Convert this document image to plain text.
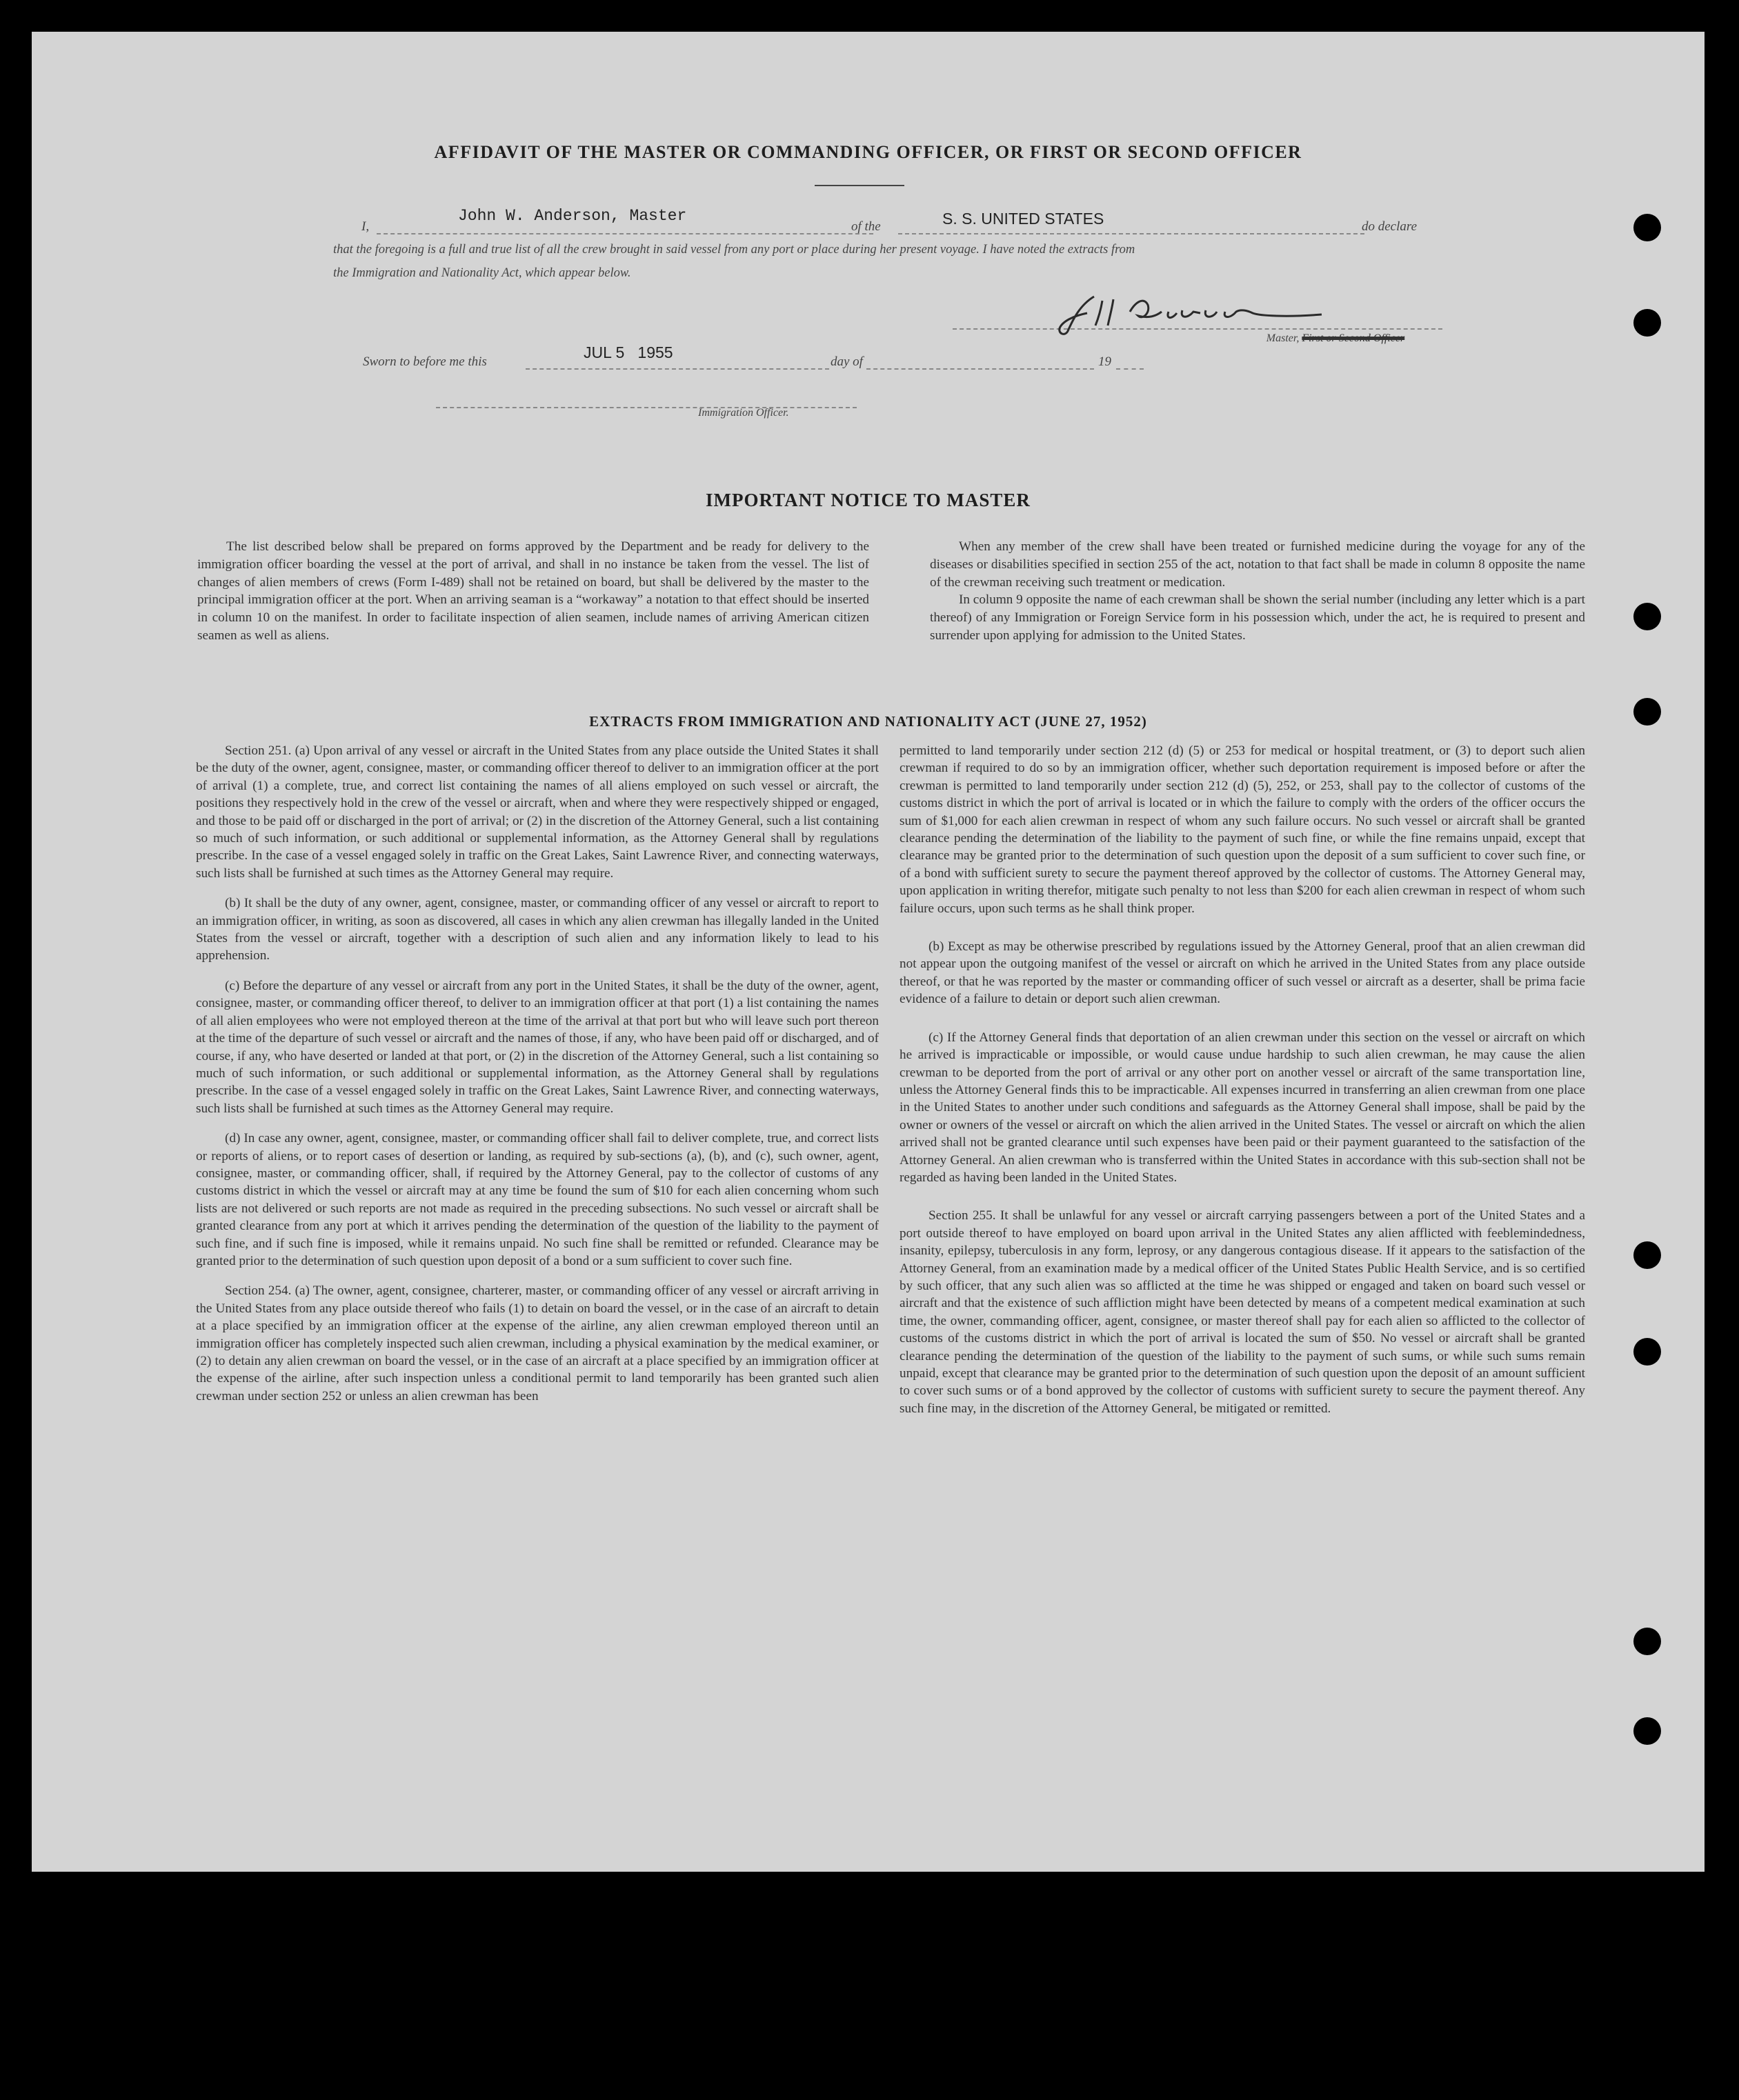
AFFIDAVIT OF THE MASTER OR COMMANDING OFFICER, OR FIRST OR SECOND OFFICER
I,
John W. Anderson, Master
of the	S. S. UNITED STATES	do declare
that the foregoing is a full and true list of all the crew brought in said vessel from any port or place during her present voyage. I have noted the extracts from
the Immigration and Nationality Act, which appear below.
Master, First or Second Officer
Sworn to before me this
JUL 5   1955
day of	19
Immigration Officer.
IMPORTANT NOTICE TO MASTER

The list described below shall be prepared on forms approved by the Department and be ready for delivery to the immigration officer boarding the vessel at the port of arrival, and shall in no instance be taken from the vessel. The list of changes of alien members of crews (Form I-489) shall not be retained on board, but shall be delivered by the master to the principal immigration officer at the port. When an arriving seaman is a “workaway” a notation to that effect should be inserted in column 10 on the manifest. In order to facilitate inspection of alien seamen, include names of arriving American citizen seamen as well as aliens.

When any member of the crew shall have been treated or furnished medicine during the voyage for any of the diseases or disabilities specified in section 255 of the act, notation to that fact shall be made in column 8 opposite the name of the crewman receiving such treatment or medication.

In column 9 opposite the name of each crewman shall be shown the serial number (including any letter which is a part thereof) of any Immigration or Foreign Service form in his possession which, under the act, he is required to present and surrender upon applying for admission to the United States.

EXTRACTS FROM IMMIGRATION AND NATIONALITY ACT (JUNE 27, 1952)

Section 251. (a) Upon arrival of any vessel or aircraft in the United States from any place outside the United States it shall be the duty of the owner, agent, consignee, master, or commanding officer thereof to deliver to an immigration officer at the port of arrival (1) a complete, true, and correct list containing the names of all aliens employed on such vessel or aircraft, the positions they respectively hold in the crew of the vessel or aircraft, when and where they were respectively shipped or engaged, and those to be paid off or discharged in the port of arrival; or (2) in the discretion of the Attorney General, such a list containing so much of such information, or such additional or supplemental information, as the Attorney General shall by regulations prescribe. In the case of a vessel engaged solely in traffic on the Great Lakes, Saint Lawrence River, and connecting waterways, such lists shall be furnished at such times as the Attorney General may require.

(b) It shall be the duty of any owner, agent, consignee, master, or commanding officer of any vessel or aircraft to report to an immigration officer, in writing, as soon as discovered, all cases in which any alien crewman has illegally landed in the United States from the vessel or aircraft, together with a description of such alien and any information likely to lead to his apprehension.

(c) Before the departure of any vessel or aircraft from any port in the United States, it shall be the duty of the owner, agent, consignee, master, or commanding officer thereof, to deliver to an immigration officer at that port (1) a list containing the names of all alien employees who were not employed thereon at the time of the arrival at that port but who will leave such port thereon at the time of the departure of such vessel or aircraft and the names of those, if any, who have been paid off or discharged, and of course, if any, who have deserted or landed at that port, or (2) in the discretion of the Attorney General, such a list containing so much of such information, or such additional or supplemental information, as the Attorney General shall by regulations prescribe. In the case of a vessel engaged solely in traffic on the Great Lakes, Saint Lawrence River, and connecting waterways, such lists shall be furnished at such times as the Attorney General may require.

(d) In case any owner, agent, consignee, master, or commanding officer shall fail to deliver complete, true, and correct lists or reports of aliens, or to report cases of desertion or landing, as required by sub-sections (a), (b), and (c), such owner, agent, consignee, master, or commanding officer, shall, if required by the Attorney General, pay to the collector of customs of any customs district in which the vessel or aircraft may at any time be found the sum of $10 for each alien concerning whom such lists are not delivered or such reports are not made as required in the preceding subsections. No such vessel or aircraft shall be granted clearance from any port at which it arrives pending the determination of the question of the liability to the payment of such fine, and if such fine is imposed, while it remains unpaid. No such fine shall be remitted or refunded. Clearance may be granted prior to the determination of such question upon deposit of a bond or a sum sufficient to cover such fine.

Section 254. (a) The owner, agent, consignee, charterer, master, or commanding officer of any vessel or aircraft arriving in the United States from any place outside thereof who fails (1) to detain on board the vessel, or in the case of an aircraft to detain at a place specified by an immigration officer at the expense of the airline, any alien crewman employed thereon until an immigration officer has completely inspected such alien crewman, including a physical examination by the medical examiner, or (2) to detain any alien crewman on board the vessel, or in the case of an aircraft at a place specified by an immigration officer at the expense of the airline, after such inspection unless a conditional permit to land temporarily has been granted such alien crewman under section 252 or unless an alien crewman has been

permitted to land temporarily under section 212 (d) (5) or 253 for medical or hospital treatment, or (3) to deport such alien crewman if required to do so by an immigration officer, whether such deportation requirement is imposed before or after the crewman is permitted to land temporarily under section 212 (d) (5), 252, or 253, shall pay to the collector of customs of the customs district in which the port of arrival is located or in which the failure to comply with the orders of the officer occurs the sum of $1,000 for each alien crewman in respect of whom any such failure occurs. No such vessel or aircraft shall be granted clearance pending the determination of the liability to the payment of such fine, or while the fine remains unpaid, except that clearance may be granted prior to the determination of such question upon the deposit of a sum sufficient to cover such fine, or of a bond with sufficient surety to secure the payment thereof approved by the collector of customs. The Attorney General may, upon application in writing therefor, mitigate such penalty to not less than $200 for each alien crewman in respect of whom such failure occurs, upon such terms as he shall think proper.

(b) Except as may be otherwise prescribed by regulations issued by the Attorney General, proof that an alien crewman did not appear upon the outgoing manifest of the vessel or aircraft on which he arrived in the United States from any place outside thereof, or that he was reported by the master or commanding officer of such vessel or aircraft as a deserter, shall be prima facie evidence of a failure to detain or deport such alien crewman.

(c) If the Attorney General finds that deportation of an alien crewman under this section on the vessel or aircraft on which he arrived is impracticable or impossible, or would cause undue hardship to such alien crewman, he may cause the alien crewman to be deported from the port of arrival or any other port on another vessel or aircraft of the same transportation line, unless the Attorney General finds this to be impracticable. All expenses incurred in transferring an alien crewman from one place in the United States to another under such conditions and safeguards as the Attorney General shall impose, shall be paid by the owner or owners of the vessel or aircraft on which the alien arrived in the United States. The vessel or aircraft on which the alien arrived shall not be granted clearance until such expenses have been paid or their payment guaranteed to the satisfaction of the Attorney General. An alien crewman who is transferred within the United States in accordance with this sub-section shall not be regarded as having been landed in the United States.

Section 255. It shall be unlawful for any vessel or aircraft carrying passengers between a port of the United States and a port outside thereof to have employed on board upon arrival in the United States any alien afflicted with feeblemindedness, insanity, epilepsy, tuberculosis in any form, leprosy, or any dangerous contagious disease. If it appears to the satisfaction of the Attorney General, from an examination made by a medical officer of the United States Public Health Service, and is so certified by such officer, that any such alien was so afflicted at the time he was shipped or engaged and taken on board such vessel or aircraft and that the existence of such affliction might have been detected by means of a competent medical examination at such time, the owner, commanding officer, agent, consignee, or master thereof shall pay for each alien so afflicted to the collector of customs of the customs district in which the port of arrival is located the sum of $50. No vessel or aircraft shall be granted clearance pending the determination of the question of the liability to the payment of such sums, or while such sums remain unpaid, except that clearance may be granted prior to the determination of such question upon the deposit of an amount sufficient to cover such sums or of a bond approved by the collector of customs with sufficient surety to secure the payment thereof. Any such fine may, in the discretion of the Attorney General, be mitigated or remitted.
